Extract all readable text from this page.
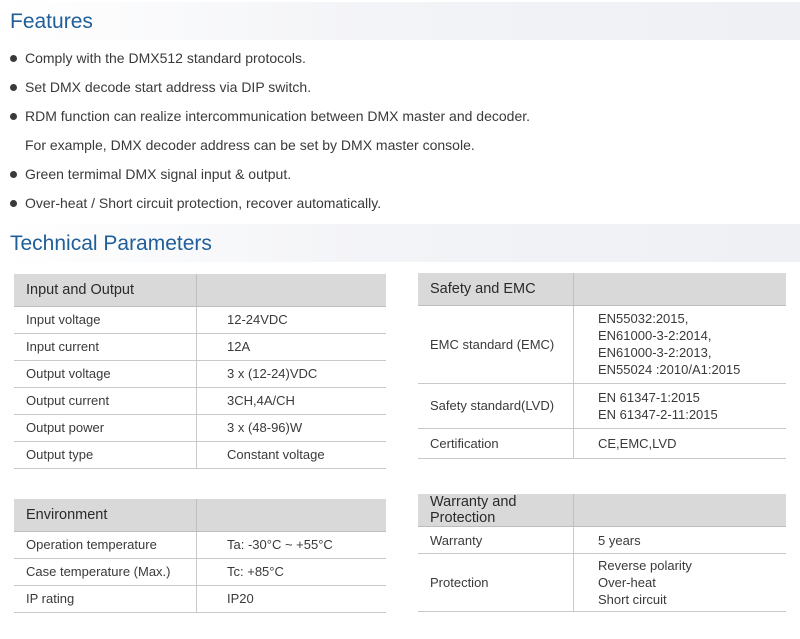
Features
Comply with the DMX512 standard protocols.
Set DMX decode start address via DIP switch.
RDM function can realize intercommunication between DMX master and decoder.
For example, DMX decoder address can be set by DMX master console.
Green termimal DMX signal input & output.
Over-heat / Short circuit protection, recover automatically.
Technical Parameters
Input and Output	
Input voltage	12-24VDC
Input current	12A
Output voltage	3 x (12-24)VDC
Output current	3CH,4A/CH
Output power	3 x (48-96)W
Output type	Constant voltage
Safety and EMC	
EMC standard (EMC)	EN55032:2015,
EN61000-3-2:2014,
EN61000-3-2:2013,
EN55024 :2010/A1:2015

Safety standard(LVD)	EN 61347-1:2015
EN 61347-2-11:2015

Certification	CE,EMC,LVD
Environment	
Operation temperature	Ta: -30°C ~ +55°C
Case temperature (Max.)	Tc: +85°C
IP rating	IP20
Warranty and Protection	
Warranty	5 years
Protection	Reverse polarity
Over-heat
Short circuit
